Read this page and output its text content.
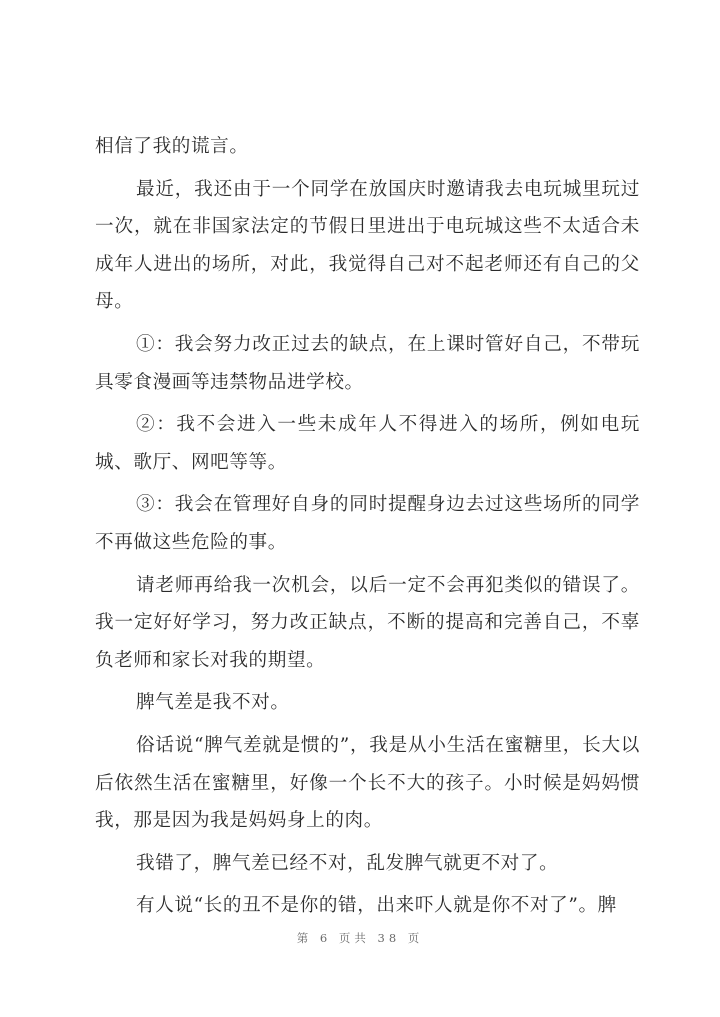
相信了我的谎言。

最近，我还由于一个同学在放国庆时邀请我去电玩城里玩过一次，就在非国家法定的节假日里进出于电玩城这些不太适合未成年人进出的场所，对此，我觉得自己对不起老师还有自己的父母。

①：我会努力改正过去的缺点，在上课时管好自己，不带玩具零食漫画等违禁物品进学校。

②：我不会进入一些未成年人不得进入的场所，例如电玩城、歌厅、网吧等等。

③：我会在管理好自身的同时提醒身边去过这些场所的同学不再做这些危险的事。

请老师再给我一次机会，以后一定不会再犯类似的错误了。我一定好好学习，努力改正缺点，不断的提高和完善自己，不辜负老师和家长对我的期望。

脾气差是我不对。

俗话说“脾气差就是惯的”，我是从小生活在蜜糖里，长大以后依然生活在蜜糖里，好像一个长不大的孩子。小时候是妈妈惯我，那是因为我是妈妈身上的肉。

我错了，脾气差已经不对，乱发脾气就更不对了。

有人说“长的丑不是你的错，出来吓人就是你不对了”。脾

第 6 页共 38 页
